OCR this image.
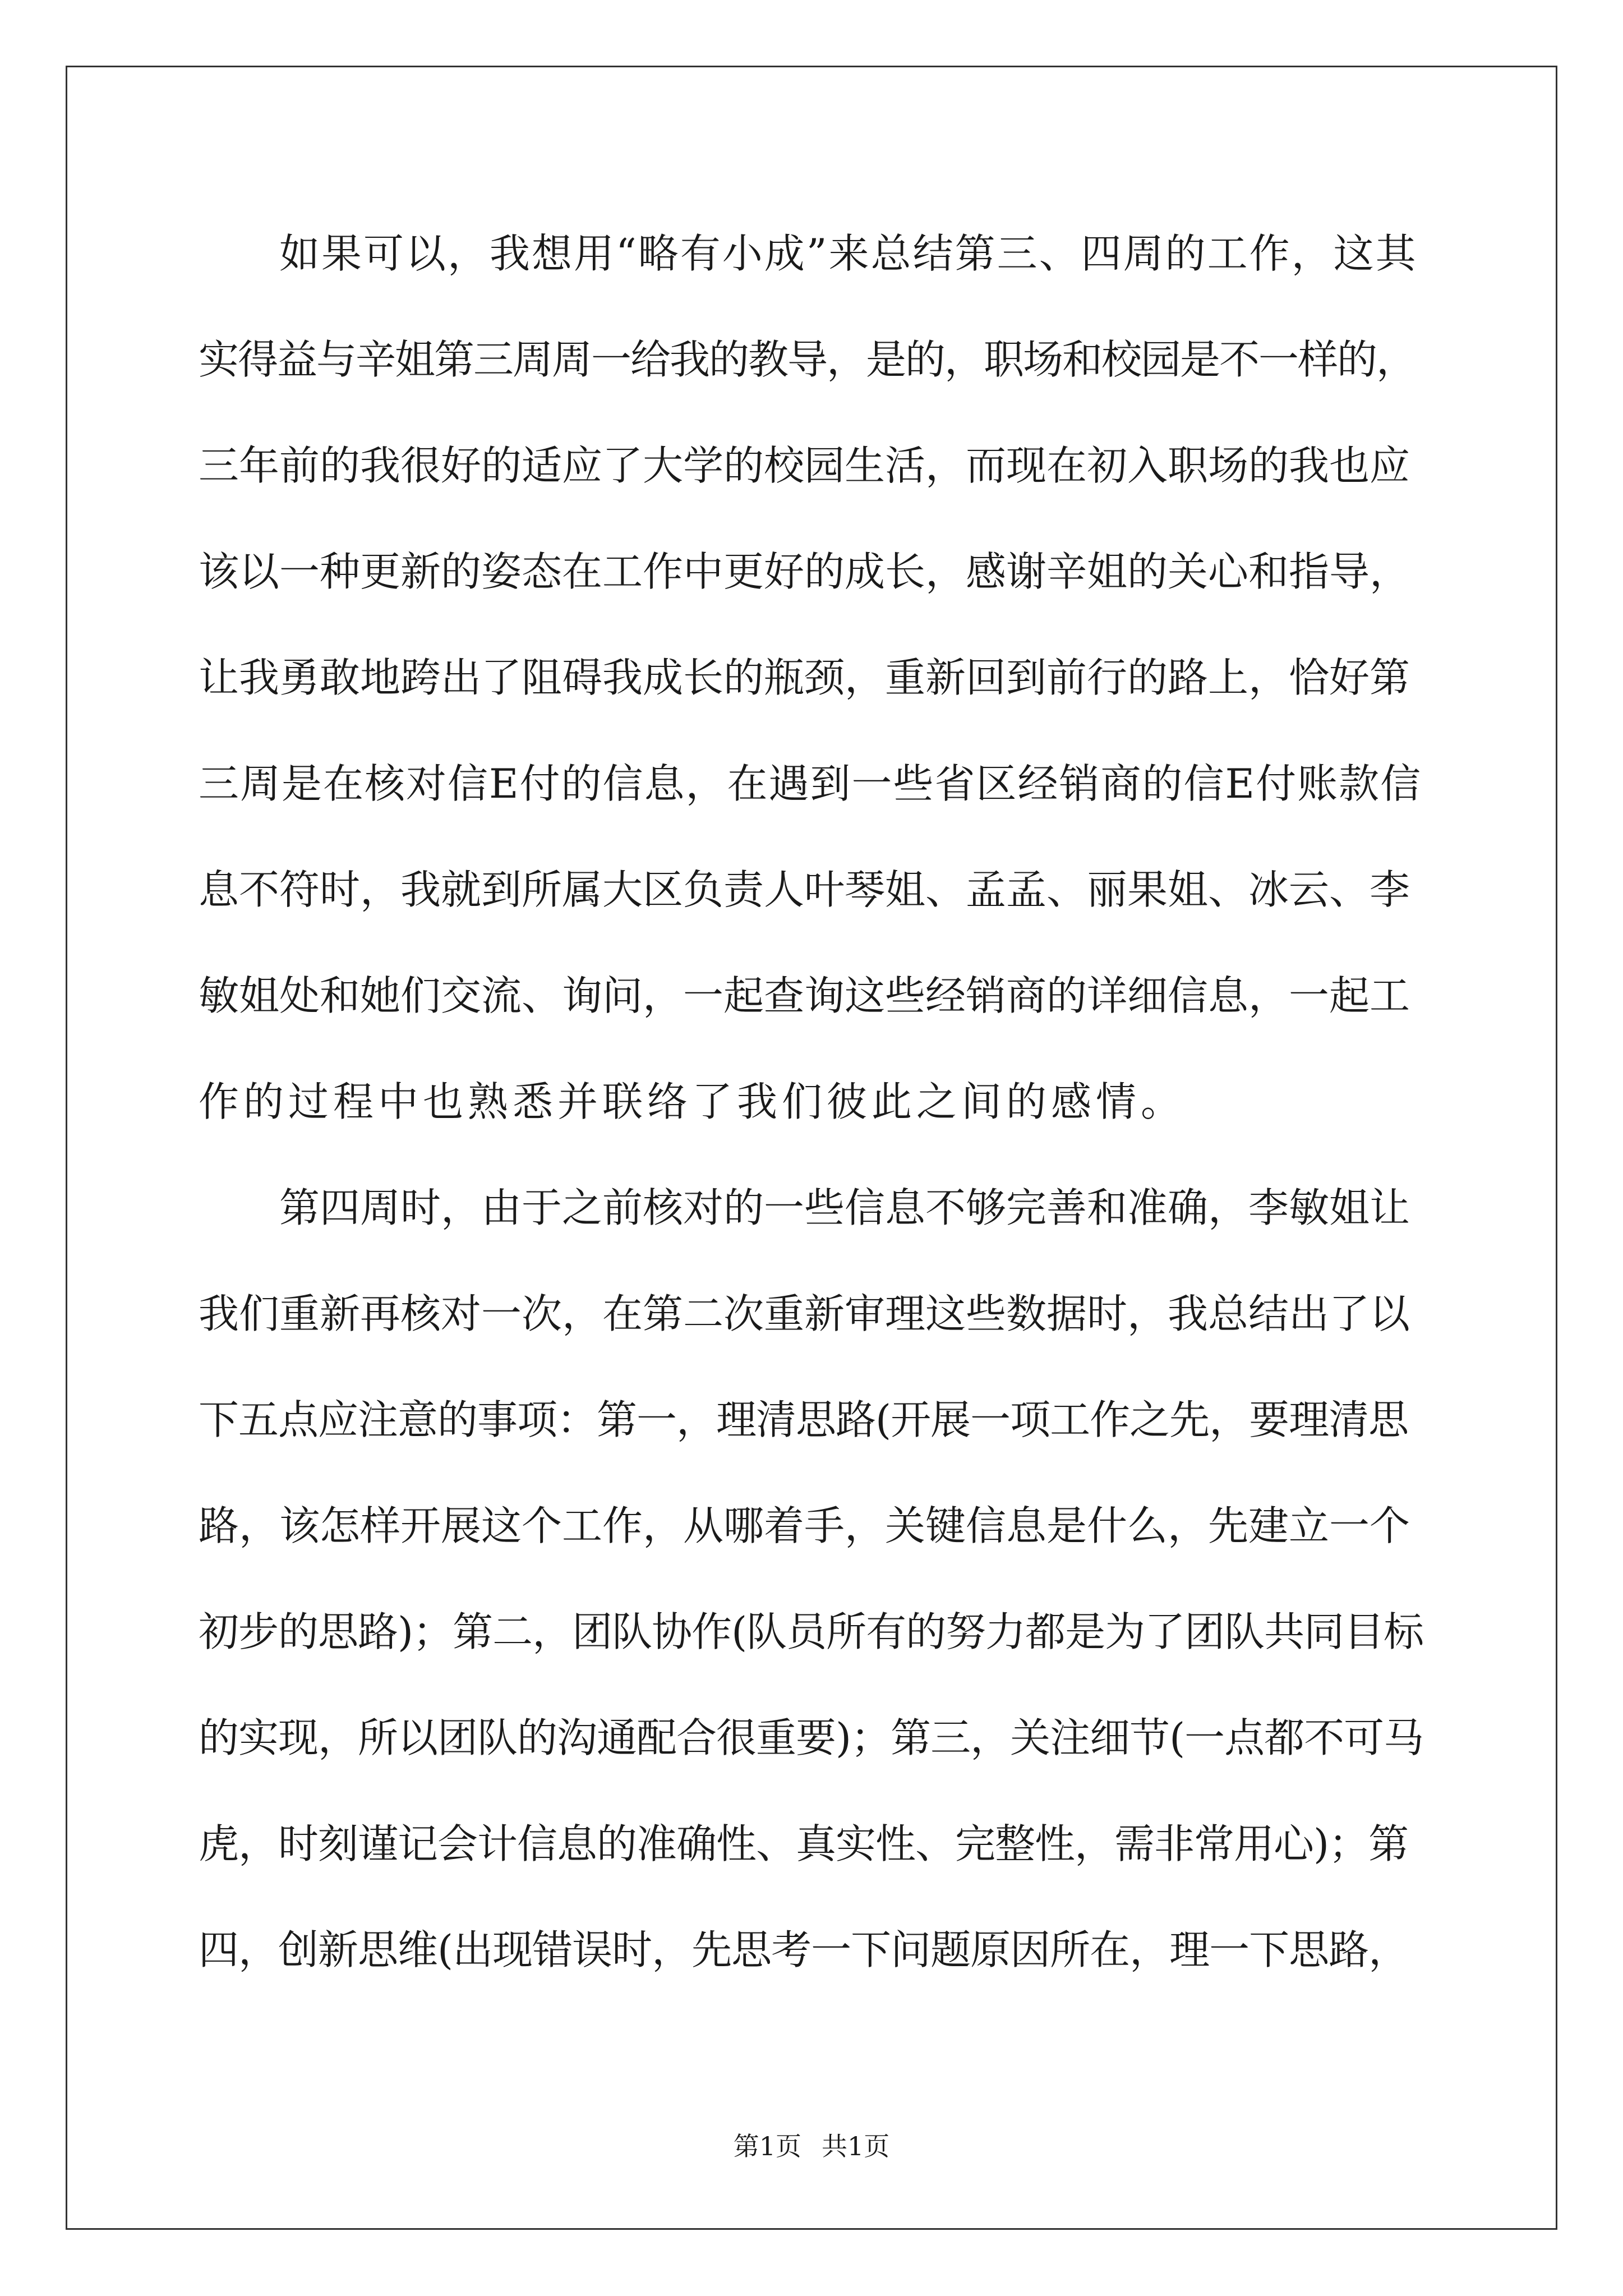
如果可以，我想用“略有小成”来总结第三、四周的工作，这其
实得益与辛姐第三周周一给我的教导，是的，职场和校园是不一样的，
三年前的我很好的适应了大学的校园生活，而现在初入职场的我也应
该以一种更新的姿态在工作中更好的成长，感谢辛姐的关心和指导，
让我勇敢地跨出了阻碍我成长的瓶颈，重新回到前行的路上，恰好第
三周是在核对信E付的信息，在遇到一些省区经销商的信E付账款信
息不符时，我就到所属大区负责人叶琴姐、孟孟、丽果姐、冰云、李
敏姐处和她们交流、询问，一起查询这些经销商的详细信息，一起工
作的过程中也熟悉并联络了我们彼此之间的感情。
第四周时，由于之前核对的一些信息不够完善和准确，李敏姐让
我们重新再核对一次，在第二次重新审理这些数据时，我总结出了以
下五点应注意的事项：第一，理清思路(开展一项工作之先，要理清思
路，该怎样开展这个工作，从哪着手，关键信息是什么，先建立一个
初步的思路)；第二，团队协作(队员所有的努力都是为了团队共同目标
的实现，所以团队的沟通配合很重要)；第三，关注细节(一点都不可马
虎，时刻谨记会计信息的准确性、真实性、完整性，需非常用心)；第
四，创新思维(出现错误时，先思考一下问题原因所在，理一下思路，
第1页 共1页
